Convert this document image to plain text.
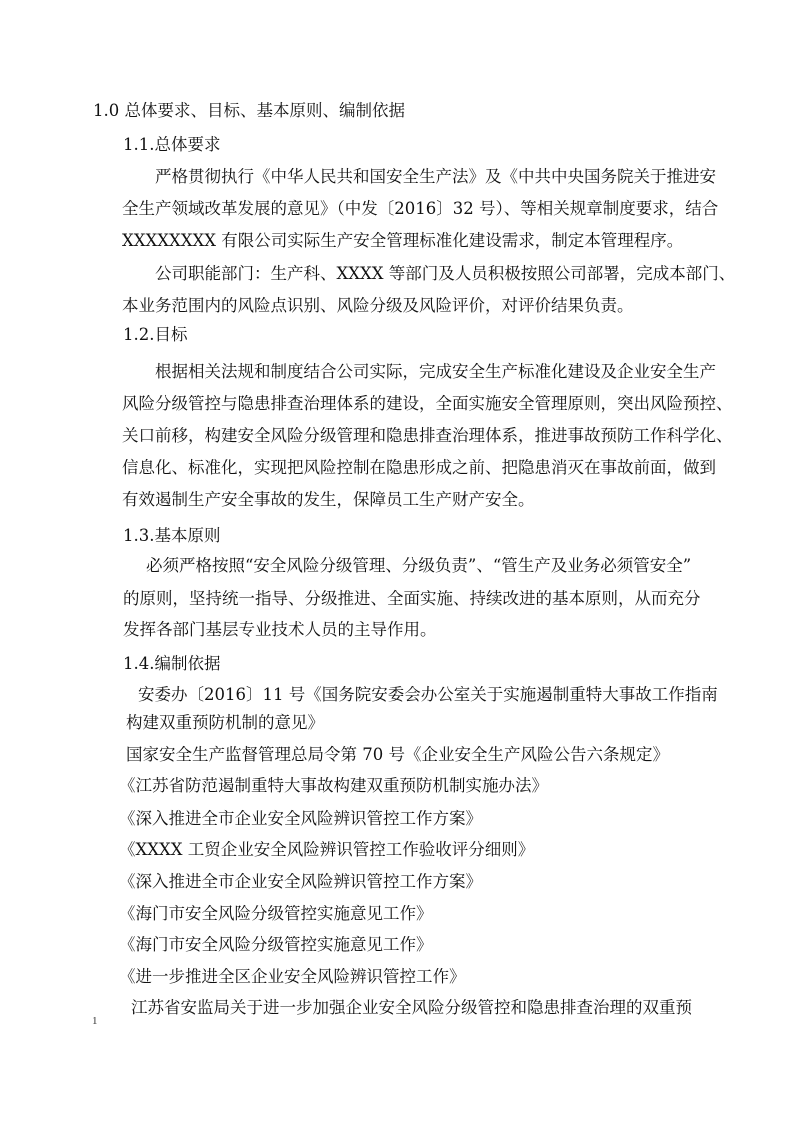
1.0 总体要求、目标、基本原则、编制依据
1.1.总体要求
严格贯彻执行《中华人民共和国安全生产法》及《中共中央国务院关于推进安
全生产领域改革发展的意见》（中发〔2016〕32 号）、等相关规章制度要求，结合
XXXXXXXX 有限公司实际生产安全管理标准化建设需求，制定本管理程序。
公司职能部门：生产科、XXXX 等部门及人员积极按照公司部署，完成本部门、
本业务范围内的风险点识别、风险分级及风险评价，对评价结果负责。
1.2.目标
根据相关法规和制度结合公司实际，完成安全生产标准化建设及企业安全生产
风险分级管控与隐患排查治理体系的建设，全面实施安全管理原则，突出风险预控、
关口前移，构建安全风险分级管理和隐患排查治理体系，推进事故预防工作科学化、
信息化、标准化，实现把风险控制在隐患形成之前、把隐患消灭在事故前面，做到
有效遏制生产安全事故的发生，保障员工生产财产安全。
1.3.基本原则
必须严格按照“安全风险分级管理、分级负责”、“管生产及业务必须管安全”
的原则，坚持统一指导、分级推进、全面实施、持续改进的基本原则，从而充分
发挥各部门基层专业技术人员的主导作用。
1.4.编制依据
安委办〔2016〕11 号《国务院安委会办公室关于实施遏制重特大事故工作指南
构建双重预防机制的意见》
国家安全生产监督管理总局令第 70 号《企业安全生产风险公告六条规定》
《江苏省防范遏制重特大事故构建双重预防机制实施办法》
《深入推进全市企业安全风险辨识管控工作方案》
《XXXX 工贸企业安全风险辨识管控工作验收评分细则》
《深入推进全市企业安全风险辨识管控工作方案》
《海门市安全风险分级管控实施意见工作》
《海门市安全风险分级管控实施意见工作》
《进一步推进全区企业安全风险辨识管控工作》
江苏省安监局关于进一步加强企业安全风险分级管控和隐患排查治理的双重预
1
